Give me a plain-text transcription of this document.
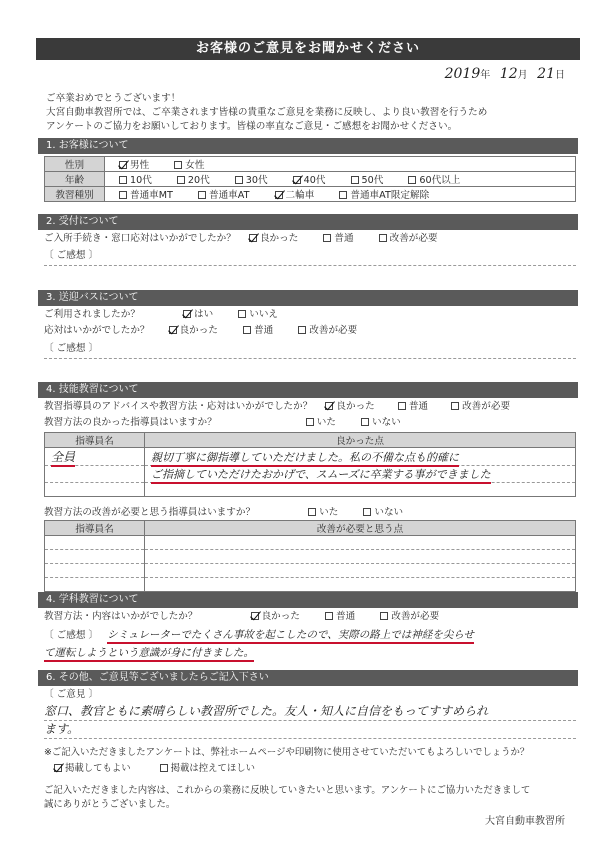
お客様のご意見をお聞かせください
2019年 12月 21日
ご卒業おめでとうございます！
大宮自動車教習所では、ご卒業されます皆様の貴重なご意見を業務に反映し、より良い教習を行うため
アンケートのご協力をお願いしております。皆様の率直なご意見・ご感想をお聞かせください。
1. お客様について
性別	男性 女性
年齢	10代 20代 30代 40代 50代 60代以上
教習種別	普通車MT 普通車AT 二輪車 普通車AT限定解除
2. 受付について
ご入所手続き・窓口応対はいかがでしたか？	良かった	普通	改善が必要
〔 ご感想 〕
3. 送迎バスについて
ご利用されましたか？	はい	いいえ
応対はいかがでしたか？	良かった	普通	改善が必要
〔 ご感想 〕
4. 技能教習について
教習指導員のアドバイスや教習方法・応対はいかがでしたか？	良かった	普通	改善が必要
教習方法の良かった指導員はいますか？	いた	いない
指導員名	良かった点
全員	親切丁寧に御指導していただけました。私の不備な点も的確に
	ご指摘していただけたおかげで、スムーズに卒業する事ができました

教習方法の改善が必要と思う指導員はいますか？	いた	いない
指導員名	改善が必要と思う点

4. 学科教習について
教習方法・内容はいかがでしたか？	良かった	普通	改善が必要
〔 ご感想 〕 シミュレーターでたくさん事故を起こしたので、実際の路上では神経を尖らせ
て運転しようという意識が身に付きました。
6. その他、ご意見等ございましたらご記入下さい
〔 ご意見 〕
窓口、教官ともに素晴らしい教習所でした。友人・知人に自信をもってすすめられ
ます。
※ご記入いただきましたアンケートは、弊社ホームページや印刷物に使用させていただいてもよろしいでしょうか？
掲載してもよい	掲載は控えてほしい
ご記入いただきました内容は、これからの業務に反映していきたいと思います。アンケートにご協力いただきまして
誠にありがとうございました。
大宮自動車教習所
